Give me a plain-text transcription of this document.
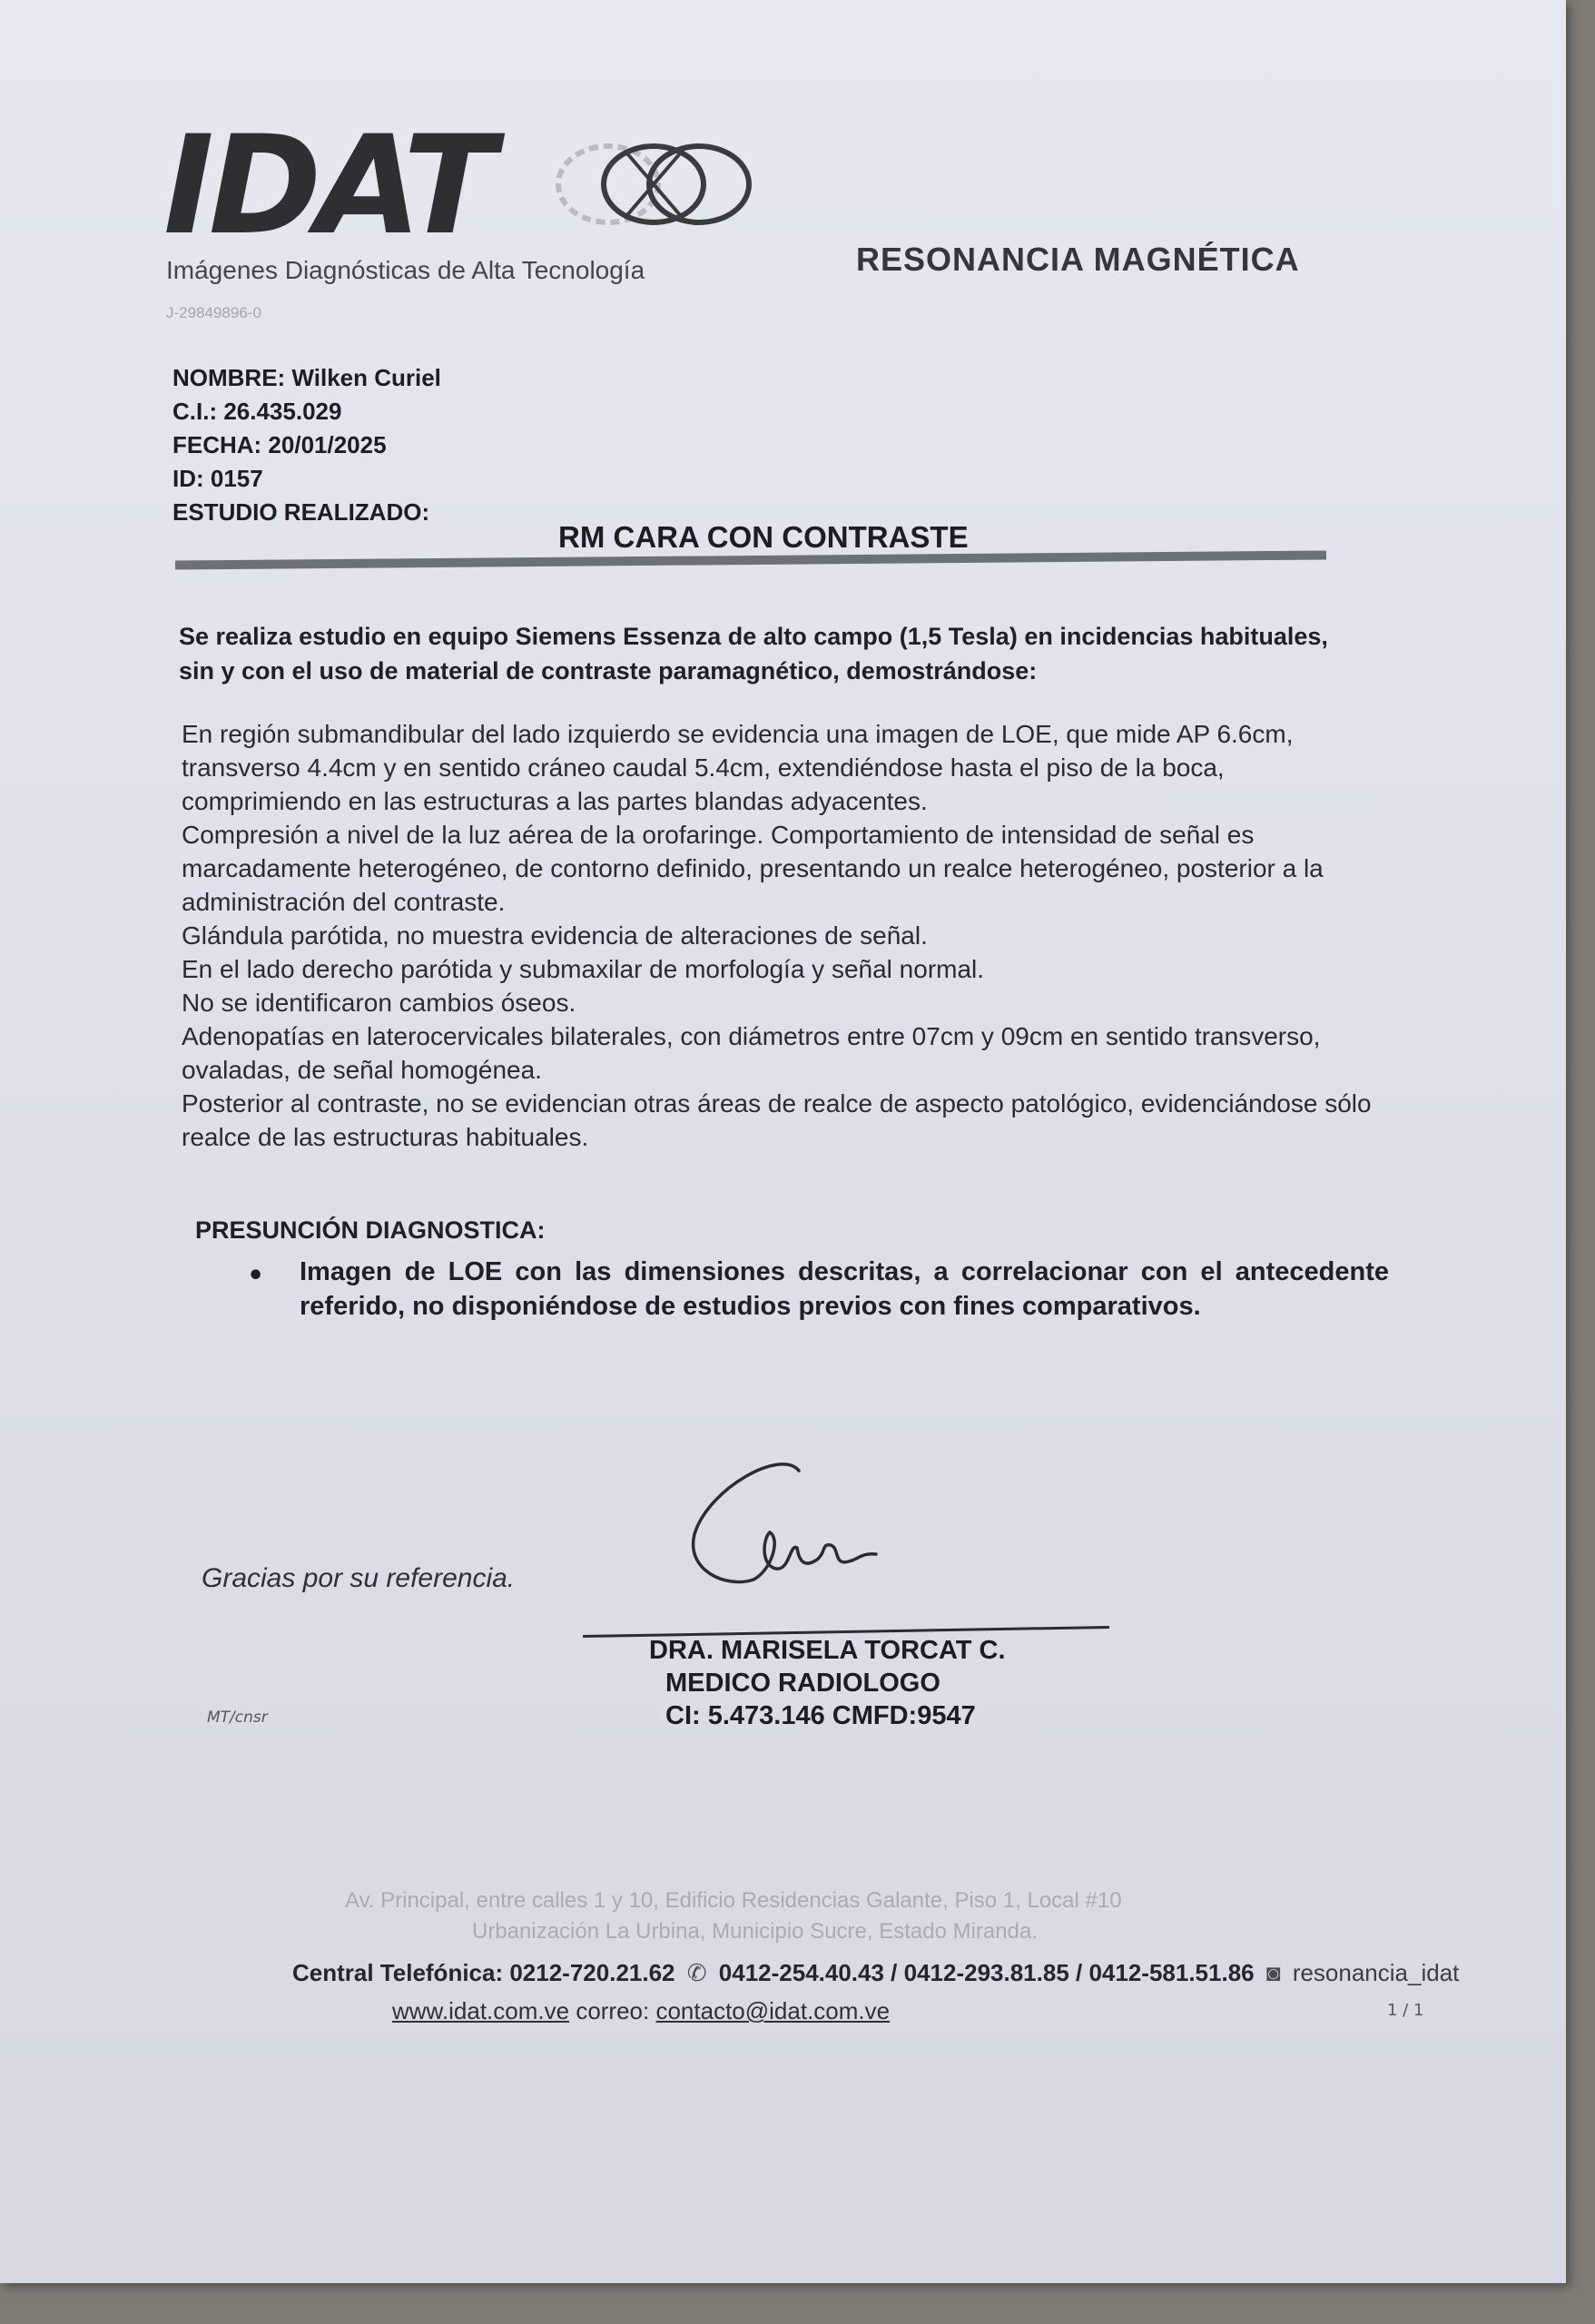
IDAT
Imágenes Diagnósticas de Alta Tecnología
J-29849896-0
RESONANCIA MAGNÉTICA
NOMBRE: Wilken Curiel
C.I.: 26.435.029
FECHA: 20/01/2025
ID: 0157
ESTUDIO REALIZADO:
RM CARA CON CONTRASTE
Se realiza estudio en equipo Siemens Essenza de alto campo (1,5 Tesla) en incidencias habituales, sin y con el uso de material de contraste paramagnético, demostrándose:

En región submandibular del lado izquierdo se evidencia una imagen de LOE, que mide AP 6.6cm, transverso 4.4cm y en sentido cráneo caudal 5.4cm, extendiéndose hasta el piso de la boca, comprimiendo en las estructuras a las partes blandas adyacentes.

Compresión a nivel de la luz aérea de la orofaringe. Comportamiento de intensidad de señal es marcadamente heterogéneo, de contorno definido, presentando un realce heterogéneo, posterior a la administración del contraste.

Glándula parótida, no muestra evidencia de alteraciones de señal.

En el lado derecho parótida y submaxilar de morfología y señal normal.

No se identificaron cambios óseos.

Adenopatías en laterocervicales bilaterales, con diámetros entre 07cm y 09cm en sentido transverso, ovaladas, de señal homogénea.

Posterior al contraste, no se evidencian otras áreas de realce de aspecto patológico, evidenciándose sólo realce de las estructuras habituales.

PRESUNCIÓN DIAGNOSTICA:
• Imagen de LOE con las dimensiones descritas, a correlacionar con el antecedente referido, no disponiéndose de estudios previos con fines comparativos.
Gracias por su referencia.
DRA. MARISELA TORCAT C.
MEDICO RADIOLOGO
CI: 5.473.146 CMFD:9547
MT/cnsr
Av. Principal, entre calles 1 y 10, Edificio Residencias Galante, Piso 1, Local #10
Urbanización La Urbina, Municipio Sucre, Estado Miranda.
Central Telefónica: 0212-720.21.62 ✆ 0412-254.40.43 / 0412-293.81.85 / 0412-581.51.86 ◙ resonancia_idat
www.idat.com.ve correo: contacto@idat.com.ve	1 / 1
